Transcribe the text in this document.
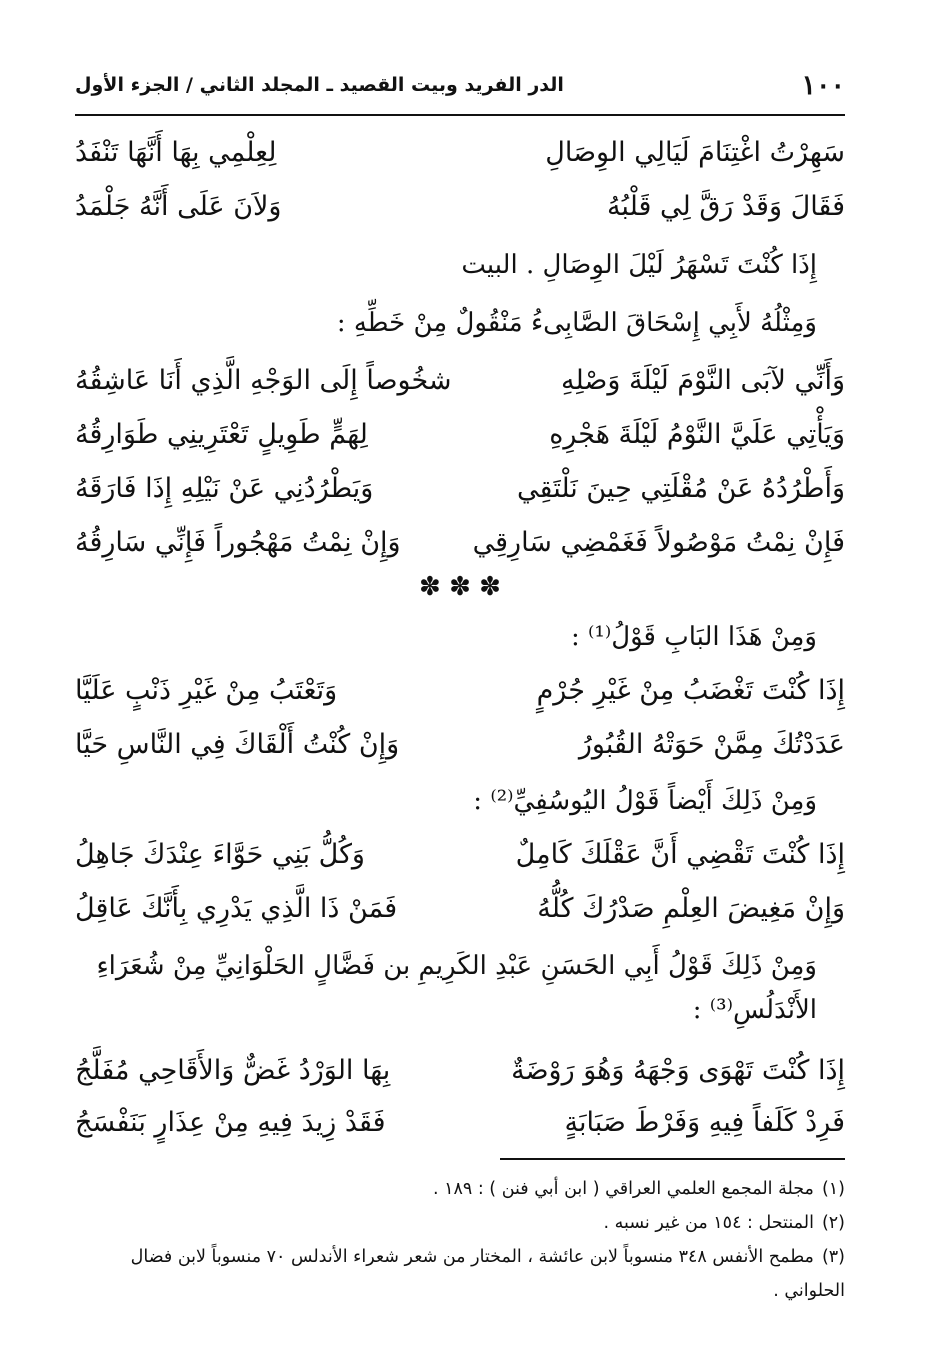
١٠٠
الدر الفريد وبيت القصيد ـ المجلد الثاني / الجزء الأول
سَهِرْتُ اغْتِنَامَ لَيَالِي الوِصَالِ
لِعِلْمِي بِهَا أَنَّهَا تَنْفَدُ
فَقَالَ وَقَدْ رَقَّ لِي قَلْبُهُ
وَلاَنَ عَلَى أَنَّهُ جَلْمَدُ
إِذَا كُنْتَ تَسْهَرُ لَيْلَ الوِصَالِ . البيت
وَمِثْلُهُ لأَبِي إِسْحَاقَ الصَّابِىءُ مَنْقُولٌ مِنْ خَطِّهِ :
وَأَنِّي لآبَى النَّوْمَ لَيْلَةَ وَصْلِهِ
شخُوصاً إِلَى الوَجْهِ الَّذِي أَنَا عَاشِقُهُ
وَيَأْتِي عَلَيَّ النَّوْمُ لَيْلَةَ هَجْرِهِ
لِهَمٍّ طَوِيلٍ تَعْتَرِينِي طَوَارِقُهُ
وَأَطْرُدُهُ عَنْ مُقْلَتِي حِينَ نَلْتَقِي
وَيَطْرُدُنِي عَنْ نَيْلِهِ إِذَا فَارَقَهُ
فَإِنْ نِمْتُ مَوْصُولاً فَغَمْضِي سَارِقِي
وَإِنْ نِمْتُ مَهْجُوراً فَإِنِّي سَارِقُهُ
✽ ✽ ✽
وَمِنْ هَذَا البَابِ قَوْلُ⁽¹⁾ :
إِذَا كُنْتَ تَغْضَبُ مِنْ غَيْرِ جُرْمٍ
وَتَعْتَبُ مِنْ غَيْرِ ذَنْبٍ عَلَيَّا
عَدَدْتُكَ مِمَّنْ حَوَتْهُ القُبُورُ
وَإِنْ كُنْتُ أَلْقَاكَ فِي النَّاسِ حَيَّا
وَمِنْ ذَلِكَ أَيْضاً قَوْلُ اليُوسُفِيِّ⁽²⁾ :
إِذَا كُنْتَ تَقْضِي أَنَّ عَقْلَكَ كَامِلٌ
وَكُلُّ بَنِي حَوَّاءَ عِنْدَكَ جَاهِلُ
وَإِنْ مَغِيضَ العِلْمِ صَدْرُكَ كُلُّهُ
فَمَنْ ذَا الَّذِي يَدْرِي بِأَنَّكَ عَاقِلُ
وَمِنْ ذَلِكَ قَوْلُ أَبِي الحَسَنِ عَبْدِ الكَرِيمِ بن فَضَّالٍ الحَلْوَانِيِّ مِنْ شُعَرَاءِ الأَنْدَلُسِ⁽³⁾ :
إِذَا كُنْتَ تَهْوَى وَجْهَهُ وَهُوَ رَوْضَةٌ
بِهَا الوَرْدُ غَضٌّ وَالأَقَاحِي مُفَلَّجُ
فَرِدْ كَلَفاً فِيهِ وَفَرْطَ صَبَابَةٍ
فَقَدْ زِيدَ فِيهِ مِنْ عِذَارٍ بَنَفْسَجُ
(١)مجلة المجمع العلمي العراقي ( ابن أبي فنن ) : ١٨٩ .
(٢)المنتحل : ١٥٤ من غير نسبه .
(٣)مطمح الأنفس ٣٤٨ منسوباً لابن عائشة ، المختار من شعر شعراء الأندلس ٧٠ منسوباً لابن فضال الحلواني .
